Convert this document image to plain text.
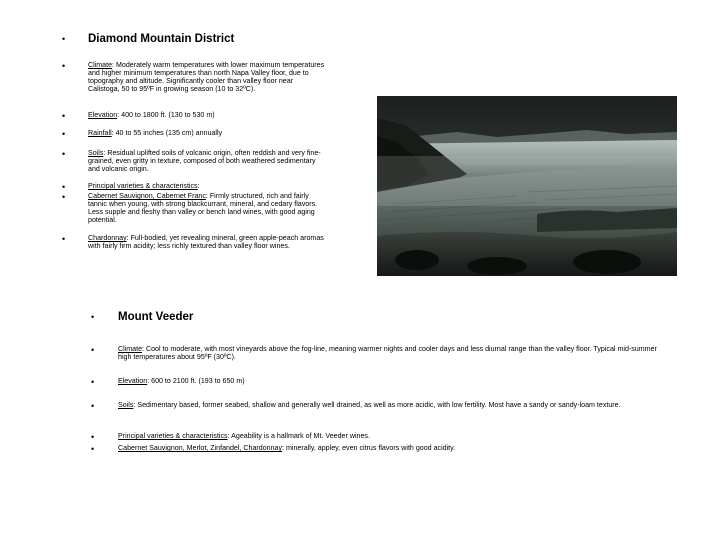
• Diamond Mountain District
•	Climate: Moderately warm temperatures with lower maximum temperatures and higher minimum temperatures than north Napa Valley floor, due to topography and altitude. Significantly cooler than valley floor near Calistoga, 50 to 95ºF in growing season (10 to 32ºC).
•	Elevation: 400 to 1800 ft. (130 to 530 m)
•	Rainfall: 40 to 55 inches (135 cm) annually
•	Soils: Residual uplifted soils of volcanic origin, often reddish and very fine-grained, even gritty in texture, composed of both weathered sedimentary and volcanic origin.
•	Principal varieties & characteristics:
•	Cabernet Sauvignon, Cabernet Franc: Firmly structured, rich and fairly tannic when young, with strong blackcurrant, mineral, and cedary flavors. Less supple and fleshy than valley or bench land wines, with good aging potential.
•	Chardonnay: Full-bodied, yet revealing mineral, green apple-peach aromas with fairly firm acidity; less richly textured than valley floor wines.
• Mount Veeder
•	Climate: Cool to moderate, with most vineyards above the fog-line, meaning warmer nights and cooler days and less diurnal range than the valley floor. Typical mid-summer high temperatures about 95ºF (30ºC).
•	Elevation: 600 to 2100 ft. (193 to 650 m)
•	Soils: Sedimentary based, former seabed, shallow and generally well drained, as well as more acidic, with low fertility. Most have a sandy or sandy-loam texture.
•	Principal varieties & characteristics: Ageability is a hallmark of Mt. Veeder wines.
•	Cabernet Sauvignon, Merlot, Zinfandel, Chardonnay: minerally, appley, even citrus flavors with good acidity.
